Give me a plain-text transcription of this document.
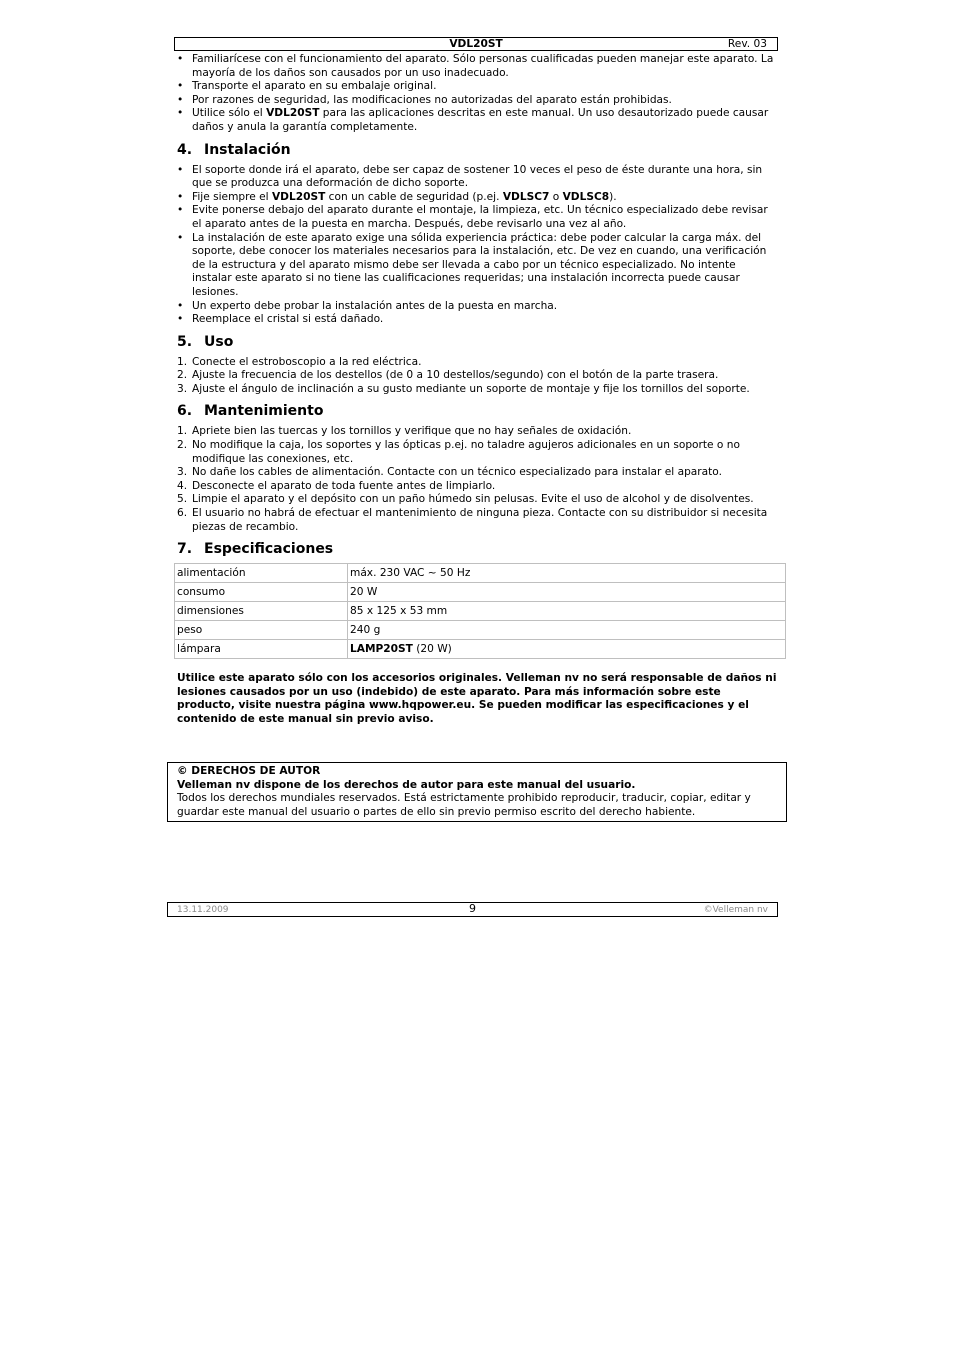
VDL20ST	Rev. 03
• Familiarícese con el funcionamiento del aparato. Sólo personas cualificadas pueden manejar este aparato. La mayoría de los daños son causados por un uso inadecuado.
• Transporte el aparato en su embalaje original.
• Por razones de seguridad, las modificaciones no autorizadas del aparato están prohibidas.
• Utilice sólo el VDL20ST para las aplicaciones descritas en este manual. Un uso desautorizado puede causar daños y anula la garantía completamente.
4. Instalación
• El soporte donde irá el aparato, debe ser capaz de sostener 10 veces el peso de éste durante una hora, sin que se produzca una deformación de dicho soporte.
• Fije siempre el VDL20ST con un cable de seguridad (p.ej. VDLSC7 o VDLSC8).
• Evite ponerse debajo del aparato durante el montaje, la limpieza, etc. Un técnico especializado debe revisar el aparato antes de la puesta en marcha. Después, debe revisarlo una vez al año.
• La instalación de este aparato exige una sólida experiencia práctica: debe poder calcular la carga máx. del soporte, debe conocer los materiales necesarios para la instalación, etc. De vez en cuando, una verificación de la estructura y del aparato mismo debe ser llevada a cabo por un técnico especializado. No intente instalar este aparato si no tiene las cualificaciones requeridas; una instalación incorrecta puede causar lesiones.
• Un experto debe probar la instalación antes de la puesta en marcha.
• Reemplace el cristal si está dañado.
5. Uso
1. Conecte el estroboscopio a la red eléctrica.
2. Ajuste la frecuencia de los destellos (de 0 a 10 destellos/segundo) con el botón de la parte trasera.
3. Ajuste el ángulo de inclinación a su gusto mediante un soporte de montaje y fije los tornillos del soporte.
6. Mantenimiento
1. Apriete bien las tuercas y los tornillos y verifique que no hay señales de oxidación.
2. No modifique la caja, los soportes y las ópticas p.ej. no taladre agujeros adicionales en un soporte o no modifique las conexiones, etc.
3. No dañe los cables de alimentación. Contacte con un técnico especializado para instalar el aparato.
4. Desconecte el aparato de toda fuente antes de limpiarlo.
5. Limpie el aparato y el depósito con un paño húmedo sin pelusas. Evite el uso de alcohol y de disolventes.
6. El usuario no habrá de efectuar el mantenimiento de ninguna pieza. Contacte con su distribuidor si necesita piezas de recambio.
7. Especificaciones
alimentación	máx. 230 VAC ~ 50 Hz
consumo	20 W
dimensiones	85 x 125 x 53 mm
peso	240 g
lámpara	LAMP20ST (20 W)
Utilice este aparato sólo con los accesorios originales. Velleman nv no será responsable de daños ni lesiones causados por un uso (indebido) de este aparato. Para más información sobre este producto, visite nuestra página www.hqpower.eu. Se pueden modificar las especificaciones y el contenido de este manual sin previo aviso.
© DERECHOS DE AUTOR
Velleman nv dispone de los derechos de autor para este manual del usuario.
Todos los derechos mundiales reservados. Está estrictamente prohibido reproducir, traducir, copiar, editar y guardar este manual del usuario o partes de ello sin previo permiso escrito del derecho habiente.
13.11.2009	9	©Velleman nv
